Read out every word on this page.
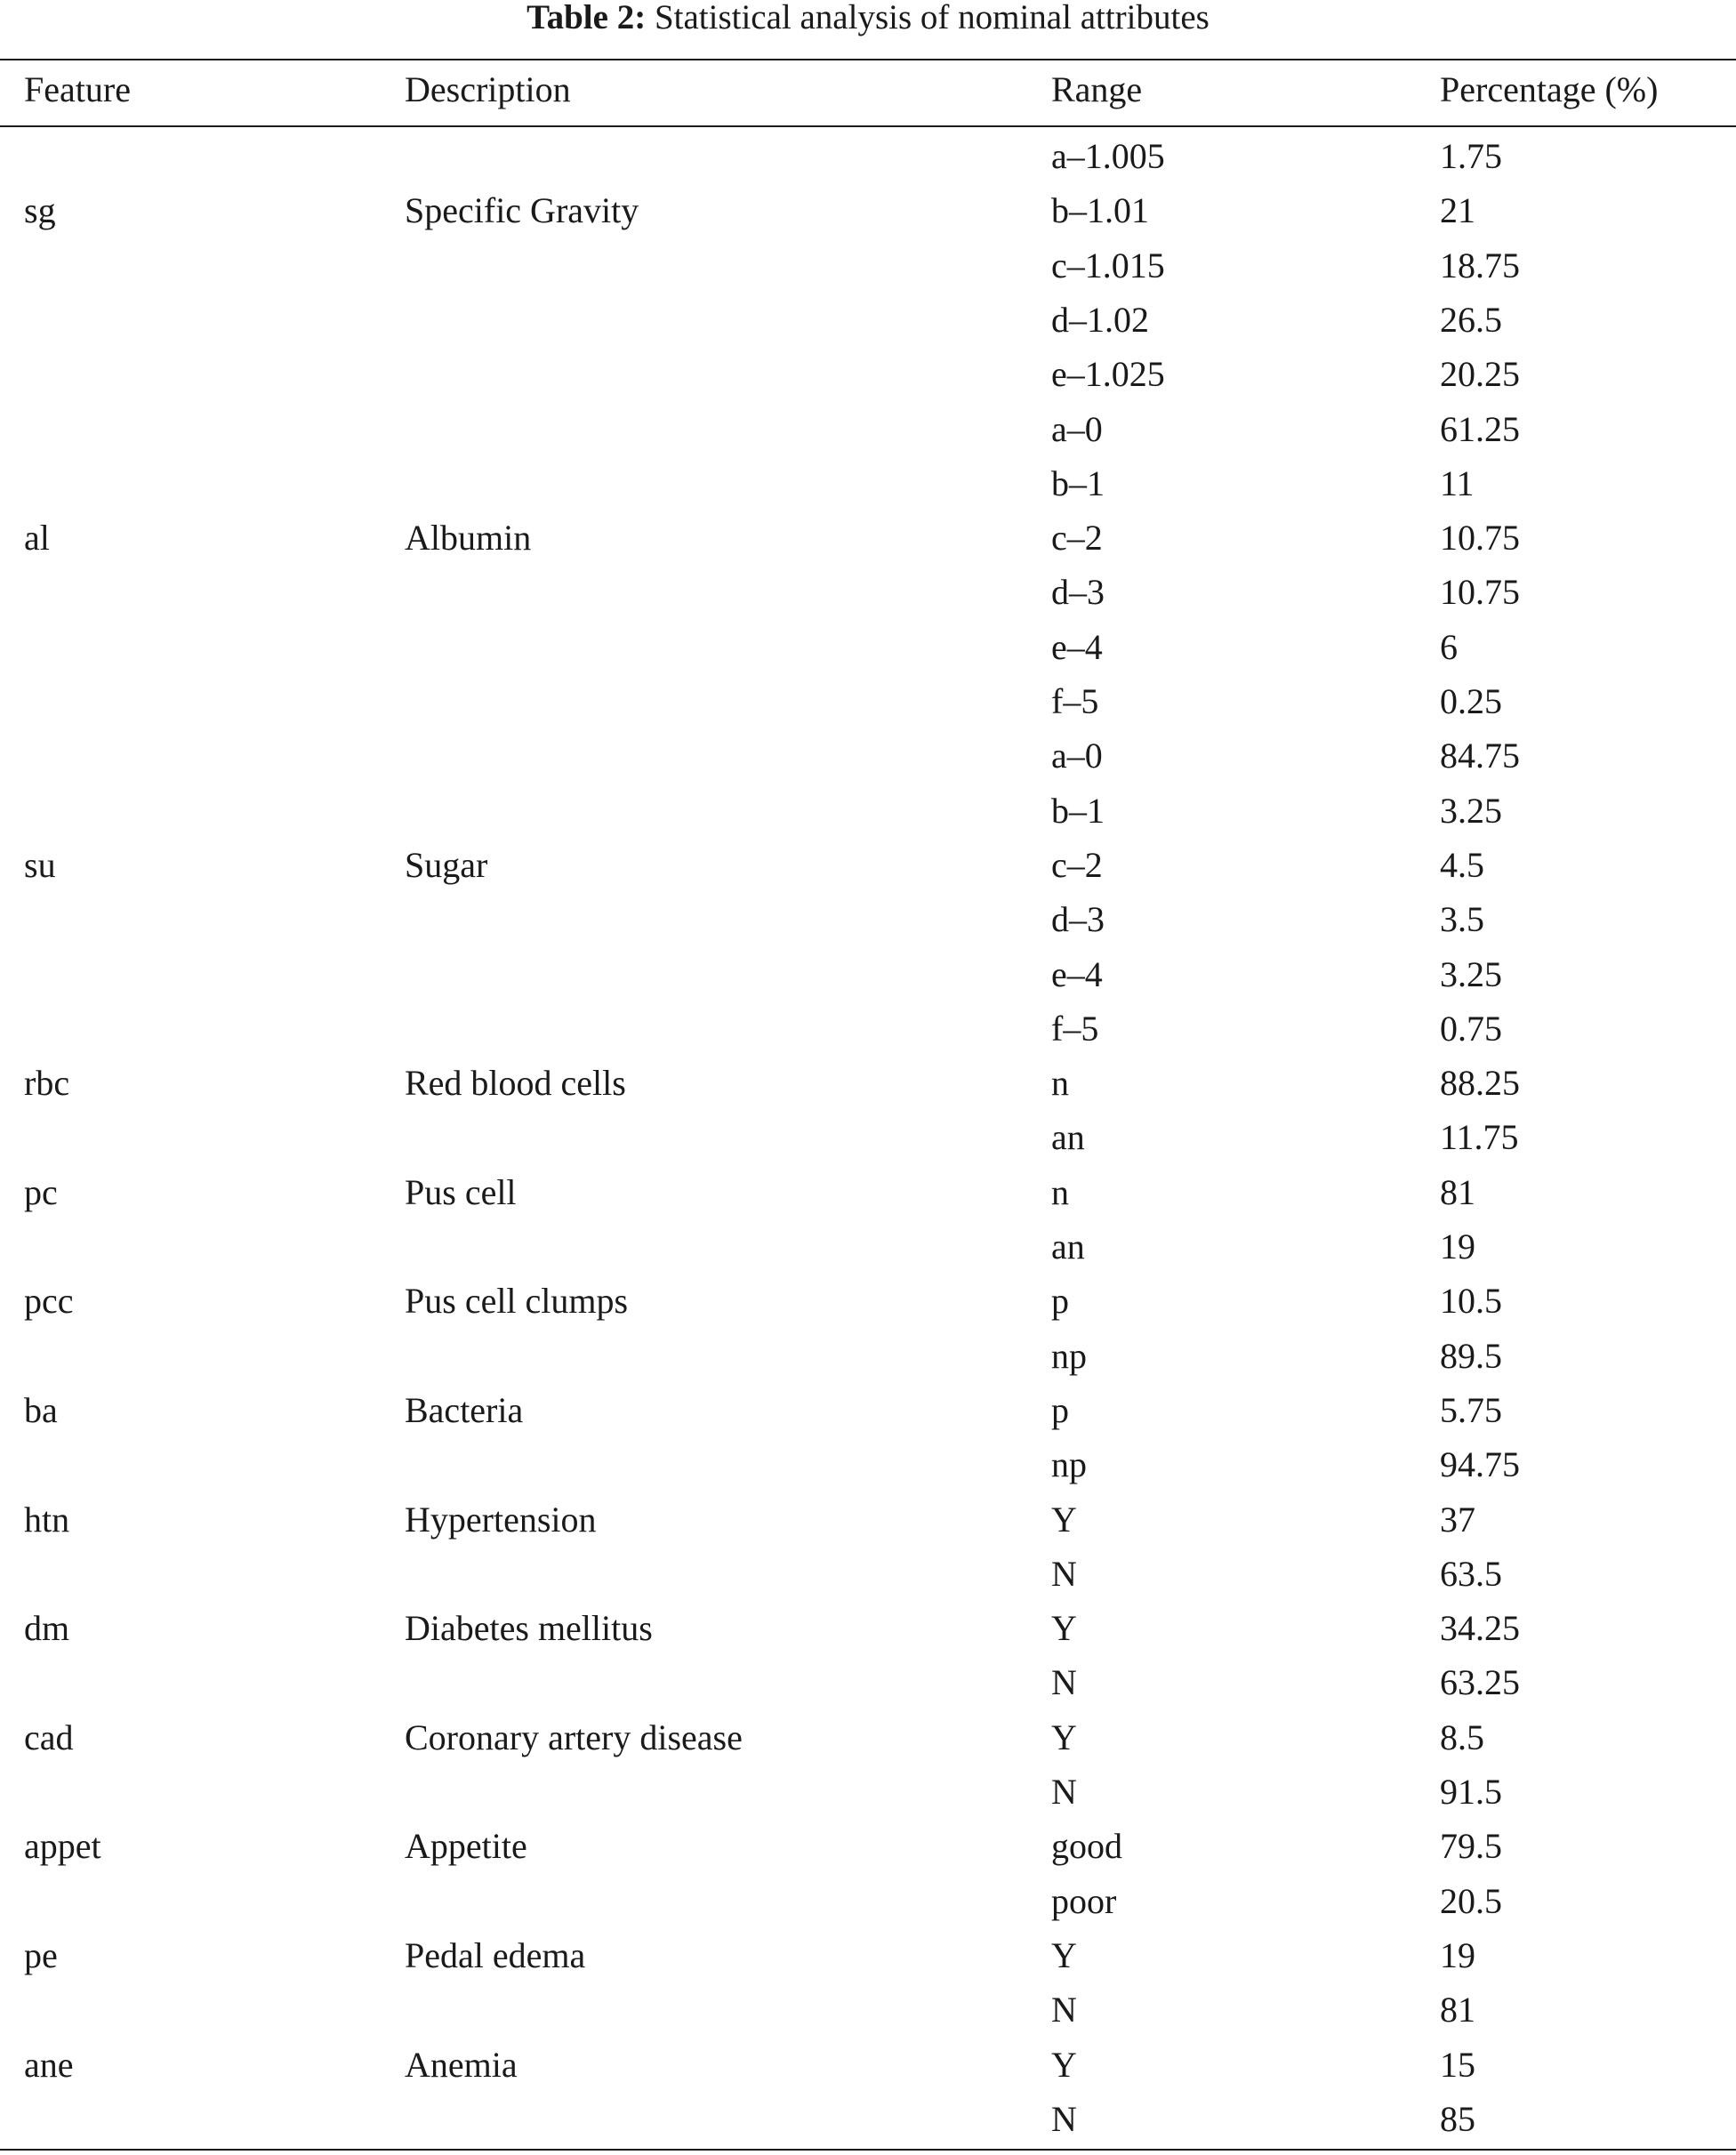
Table 2: Statistical analysis of nominal attributes
Feature	Description	Range	Percentage (%)
a–1.005	1.75
sg	Specific Gravity	b–1.01	21
c–1.015	18.75
d–1.02	26.5
e–1.025	20.25
a–0	61.25
b–1	11
al	Albumin	c–2	10.75
d–3	10.75
e–4	6
f–5	0.25
a–0	84.75
b–1	3.25
su	Sugar	c–2	4.5
d–3	3.5
e–4	3.25
f–5	0.75
rbc	Red blood cells	n	88.25
an	11.75
pc	Pus cell	n	81
an	19
pcc	Pus cell clumps	p	10.5
np	89.5
ba	Bacteria	p	5.75
np	94.75
htn	Hypertension	Y	37
N	63.5
dm	Diabetes mellitus	Y	34.25
N	63.25
cad	Coronary artery disease	Y	8.5
N	91.5
appet	Appetite	good	79.5
poor	20.5
pe	Pedal edema	Y	19
N	81
ane	Anemia	Y	15
N	85
